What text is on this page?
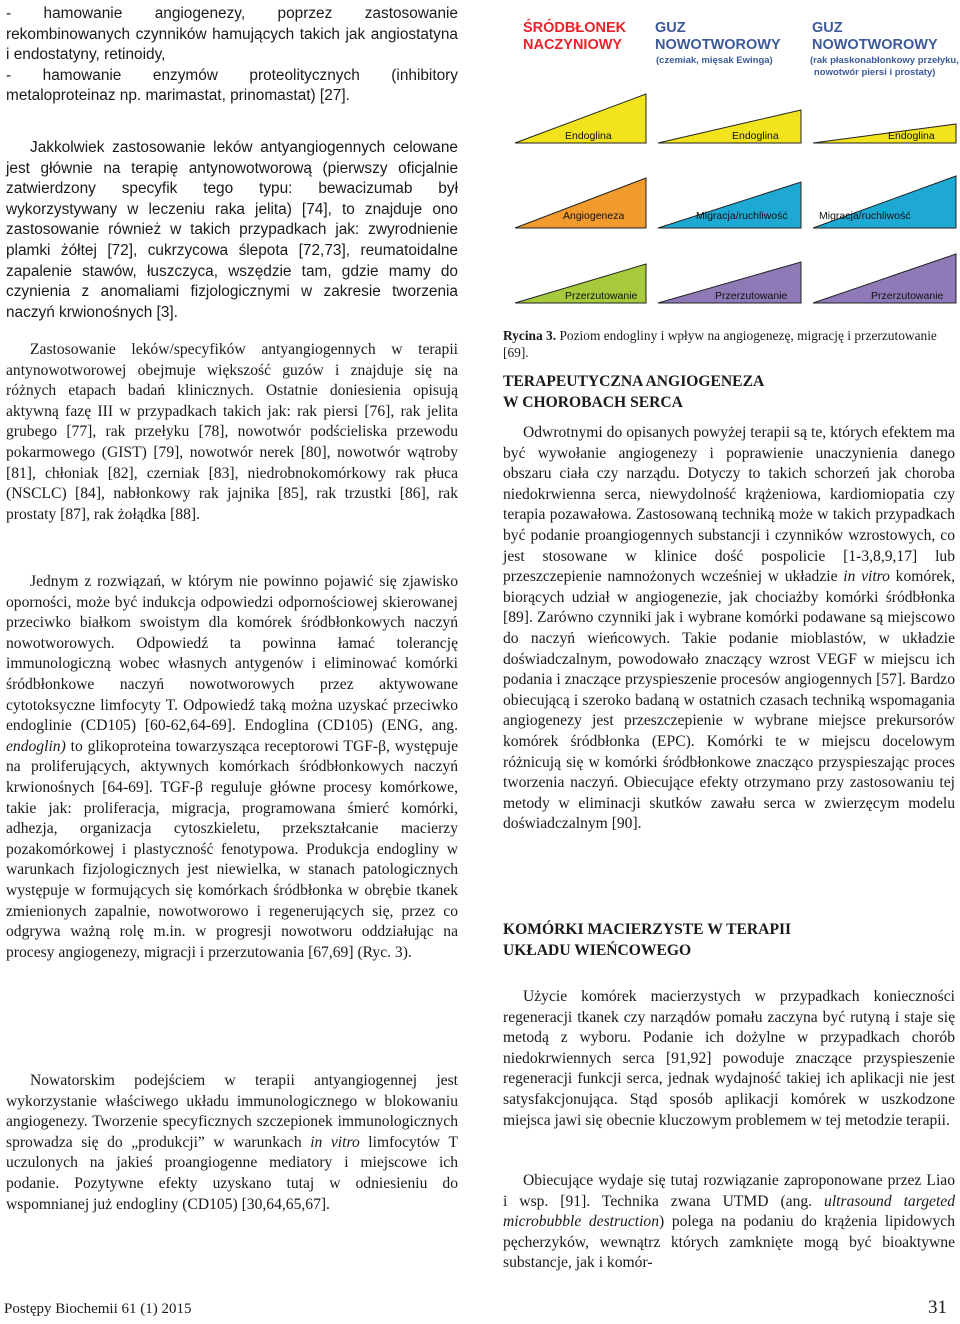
- hamowanie angiogenezy, poprzez zastosowanie rekombinowanych czynników hamujących takich jak angiostatyna i endostatyny, retinoidy,
- hamowanie enzymów proteolitycznych (inhibitory metaloproteinaz np. marimastat, prinomastat) [27].

Jakkolwiek zastosowanie leków antyangiogennych celowane jest głównie na terapię antynowotworową (pierwszy oficjalnie zatwierdzony specyfik tego typu: bewacizumab był wykorzystywany w leczeniu raka jelita) [74], to znajduje ono zastosowanie również w takich przypadkach jak: zwyrodnienie plamki żółtej [72], cukrzycowa ślepota [72,73], reumatoidalne zapalenie stawów, łuszczyca, wszędzie tam, gdzie mamy do czynienia z anomaliami fizjologicznymi w zakresie tworzenia naczyń krwionośnych [3].

Zastosowanie leków/specyfików antyangiogennych w terapii antynowotworowej obejmuje większość guzów i znajduje się na różnych etapach badań klinicznych. Ostatnie doniesienia opisują aktywną fazę III w przypadkach takich jak: rak piersi [76], rak jelita grubego [77], rak przełyku [78], nowotwór podścieliska przewodu pokarmowego (GIST) [79], nowotwór nerek [80], nowotwór wątroby [81], chłoniak [82], czerniak [83], niedrobnokomórkowy rak płuca (NSCLC) [84], nabłonkowy rak jajnika [85], rak trzustki [86], rak prostaty [87], rak żołądka [88].

Jednym z rozwiązań, w którym nie powinno pojawić się zjawisko oporności, może być indukcja odpowiedzi odpornościowej skierowanej przeciwko białkom swoistym dla komórek śródbłonkowych naczyń nowotworowych. Odpowiedź ta powinna łamać tolerancję immunologiczną wobec własnych antygenów i eliminować komórki śródbłonkowe naczyń nowotworowych przez aktywowane cytotoksyczne limfocyty T. Odpowiedź taką można uzyskać przeciwko endoglinie (CD105) [60-62,64-69]. Endoglina (CD105) (ENG, ang. endoglin) to glikoproteina towarzysząca receptorowi TGF-β, występuje na proliferujących, aktywnych komórkach śródbłonkowych naczyń krwionośnych [64-69]. TGF-β reguluje główne procesy komórkowe, takie jak: proliferacja, migracja, programowana śmierć komórki, adhezja, organizacja cytoszkieletu, przekształcanie macierzy pozakomórkowej i plastyczność fenotypowa. Produkcja endogliny w warunkach fizjologicznych jest niewielka, w stanach patologicznych występuje w formujących się komórkach śródbłonka w obrębie tkanek zmienionych zapalnie, nowotworowo i regenerujących się, przez co odgrywa ważną rolę m.in. w progresji nowotworu oddziałując na procesy angiogenezy, migracji i przerzutowania [67,69] (Ryc. 3).

Nowatorskim podejściem w terapii antyangiogennej jest wykorzystanie właściwego układu immunologicznego w blokowaniu angiogenezy. Tworzenie specyficznych szczepionek immunologicznych sprowadza się do „produkcji” w warunkach in vitro limfocytów T uczulonych na jakieś proangiogenne mediatory i miejscowe ich podanie. Pozytywne efekty uzyskano tutaj w odniesieniu do wspomnianej już endogliny (CD105) [30,64,65,67].

ŚRÓDBŁONEK NACZYNIOWY
GUZ NOWOTWOROWY
(czemiak, mięsak Ewinga)
GUZ NOWOTWOROWY
(rak płaskonabłonkowy przełyku, nowotwór piersi i prostaty)
Endoglina	Endoglina	Endoglina
Angiogeneza	Migracja/ruchliwość	Migracja/ruchliwość
Przerzutowanie	Przerzutowanie	Przerzutowanie

Rycina 3. Poziom endogliny i wpływ na angiogenezę, migrację i przerzutowanie [69].

TERAPEUTYCZNA ANGIOGENEZA
W CHOROBACH SERCA

Odwrotnymi do opisanych powyżej terapii są te, których efektem ma być wywołanie angiogenezy i poprawienie unaczynienia danego obszaru ciała czy narządu. Dotyczy to takich schorzeń jak choroba niedokrwienna serca, niewydolność krążeniowa, kardiomiopatia czy terapia pozawałowa. Zastosowaną techniką może w takich przypadkach być podanie proangiogennych substancji i czynników wzrostowych, co jest stosowane w klinice dość pospolicie [1-3,8,9,17] lub przeszczepienie namnożonych wcześniej w układzie in vitro komórek, biorących udział w angiogenezie, jak chociażby komórki śródbłonka [89]. Zarówno czynniki jak i wybrane komórki podawane są miejscowo do naczyń wieńcowych. Takie podanie mioblastów, w układzie doświadczalnym, powodowało znaczący wzrost VEGF w miejscu ich podania i znaczące przyspieszenie procesów angiogennych [57]. Bardzo obiecującą i szeroko badaną w ostatnich czasach techniką wspomagania angiogenezy jest przeszczepienie w wybrane miejsce prekursorów komórek śródbłonka (EPC). Komórki te w miejscu docelowym różnicują się w komórki śródbłonkowe znacząco przyspieszając proces tworzenia naczyń. Obiecujące efekty otrzymano przy zastosowaniu tej metody w eliminacji skutków zawału serca w zwierzęcym modelu doświadczalnym [90].

KOMÓRKI MACIERZYSTE W TERAPII
UKŁADU WIEŃCOWEGO

Użycie komórek macierzystych w przypadkach konieczności regeneracji tkanek czy narządów pomału zaczyna być rutyną i staje się metodą z wyboru. Podanie ich dożylne w przypadkach chorób niedokrwiennych serca [91,92] powoduje znaczące przyspieszenie regeneracji funkcji serca, jednak wydajność takiej ich aplikacji nie jest satysfakcjonująca. Stąd sposób aplikacji komórek w uszkodzone miejsca jawi się obecnie kluczowym problemem w tej metodzie terapii.

Obiecujące wydaje się tutaj rozwiązanie zaproponowane przez Liao i wsp. [91]. Technika zwana UTMD (ang. ultrasound targeted microbubble destruction) polega na podaniu do krążenia lipidowych pęcherzyków, wewnątrz których zamknięte mogą być bioaktywne substancje, jak i komór-

Postępy Biochemii 61 (1) 2015	31
